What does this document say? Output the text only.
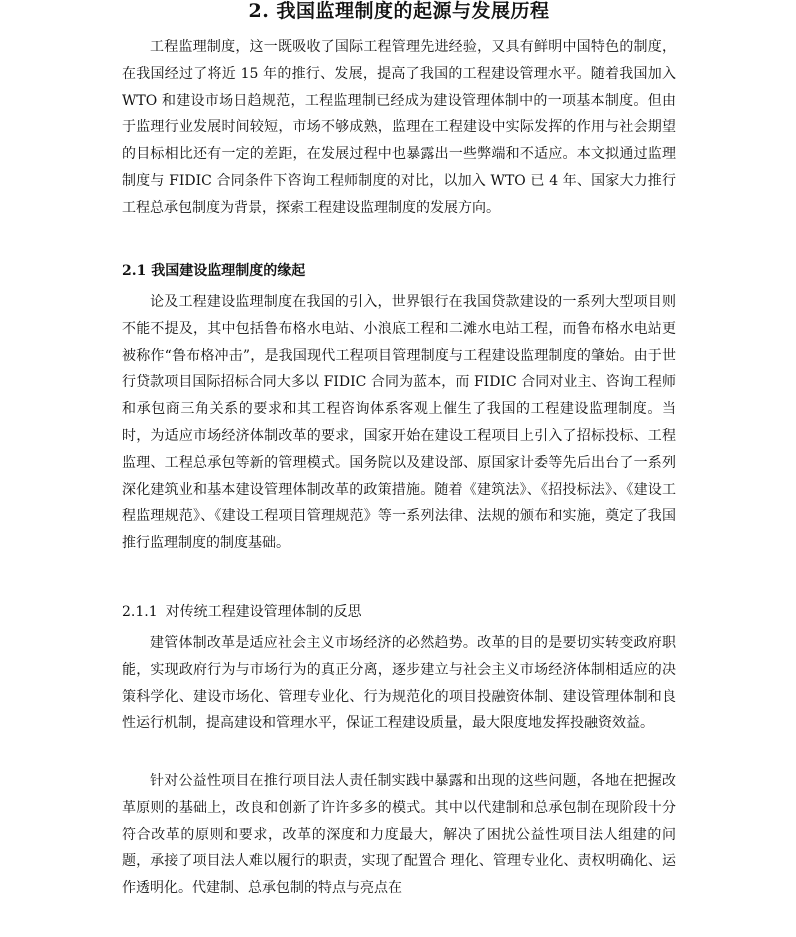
2. 我国监理制度的起源与发展历程

工程监理制度，这一既吸收了国际工程管理先进经验，又具有鲜明中国特色的制度，在我国经过了将近 15 年的推行、发展，提高了我国的工程建设管理水平。随着我国加入 WTO 和建设市场日趋规范，工程监理制已经成为建设管理体制中的一项基本制度。但由于监理行业发展时间较短，市场不够成熟，监理在工程建设中实际发挥的作用与社会期望的目标相比还有一定的差距，在发展过程中也暴露出一些弊端和不适应。本文拟通过监理制度与 FIDIC 合同条件下咨询工程师制度的对比，以加入 WTO 已 4 年、国家大力推行工程总承包制度为背景，探索工程建设监理制度的发展方向。

2.1 我国建设监理制度的缘起

论及工程建设监理制度在我国的引入，世界银行在我国贷款建设的一系列大型项目则不能不提及，其中包括鲁布格水电站、小浪底工程和二滩水电站工程，而鲁布格水电站更被称作“鲁布格冲击”，是我国现代工程项目管理制度与工程建设监理制度的肇始。由于世行贷款项目国际招标合同大多以 FIDIC 合同为蓝本，而 FIDIC 合同对业主、咨询工程师和承包商三角关系的要求和其工程咨询体系客观上催生了我国的工程建设监理制度。当时，为适应市场经济体制改革的要求，国家开始在建设工程项目上引入了招标投标、工程监理、工程总承包等新的管理模式。国务院以及建设部、原国家计委等先后出台了一系列深化建筑业和基本建设管理体制改革的政策措施。随着《建筑法》、《招投标法》、《建设工程监理规范》、《建设工程项目管理规范》等一系列法律、法规的颁布和实施，奠定了我国推行监理制度的制度基础。

2.1.1 对传统工程建设管理体制的反思

建管体制改革是适应社会主义市场经济的必然趋势。改革的目的是要切实转变政府职能，实现政府行为与市场行为的真正分离，逐步建立与社会主义市场经济体制相适应的决策科学化、建设市场化、管理专业化、行为规范化的项目投融资体制、建设管理体制和良性运行机制，提高建设和管理水平，保证工程建设质量，最大限度地发挥投融资效益。

针对公益性项目在推行项目法人责任制实践中暴露和出现的这些问题，各地在把握改革原则的基础上，改良和创新了许许多多的模式。其中以代建制和总承包制在现阶段十分符合改革的原则和要求，改革的深度和力度最大，解决了困扰公益性项目法人组建的问题，承接了项目法人难以履行的职责，实现了配置合 理化、管理专业化、责权明确化、运作透明化。代建制、总承包制的特点与亮点在
